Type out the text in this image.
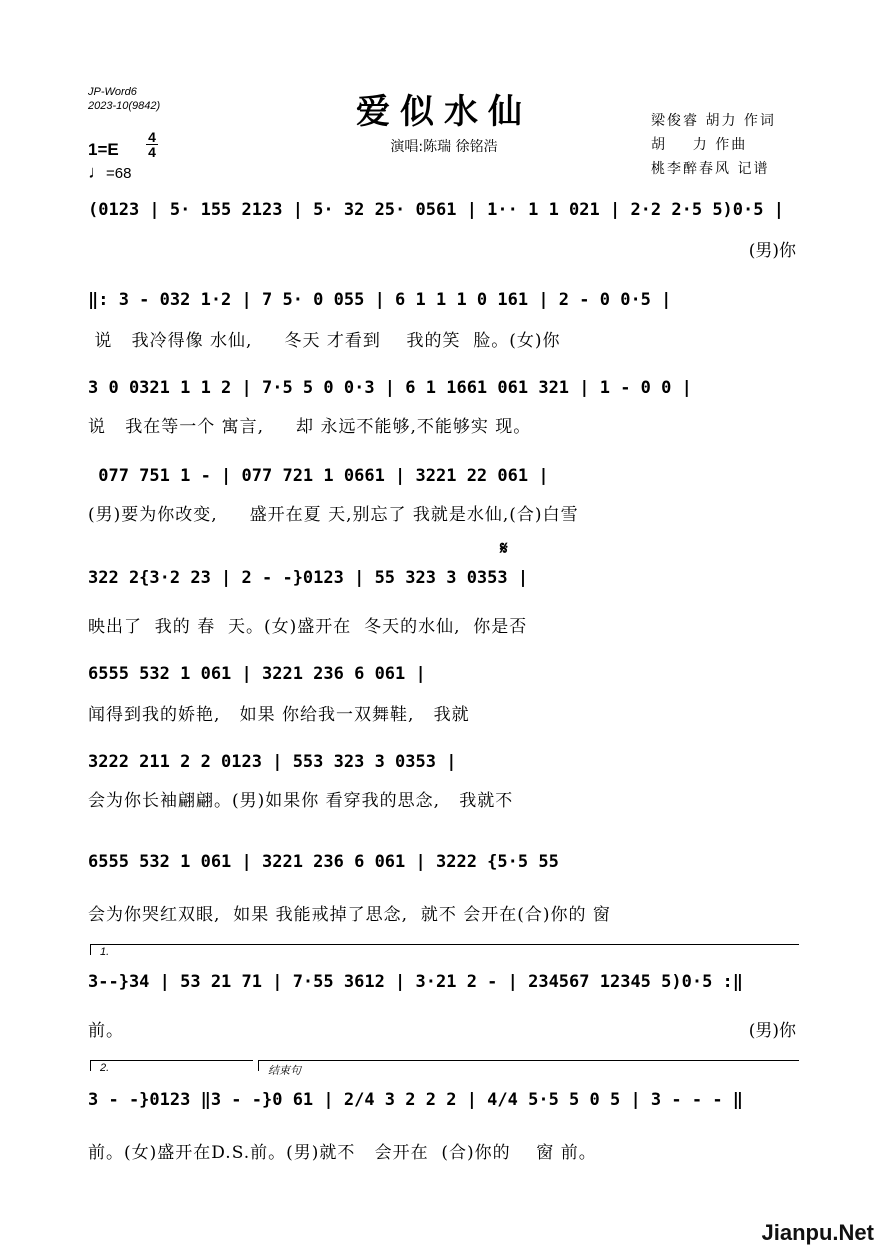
JP-Word6
2023-10(9842)	爱似水仙
演唱:陈瑞 徐铭浩
梁俊睿 胡力 作词
胡    力 作曲
桃李醉春风 记谱
1=E
4
4
♩=68
(0123 | 5· 155 2123 | 5· 32 25· 0561 | 1·· 1 1 021 | 2·2 2·5 5)0·5 |
(男)你
‖: 3 - 032 1·2 | 7 5· 0 055 | 6 1 1 1 0 161 | 2 - 0 0·5 |
说   我冷得像 水仙,     冬天 才看到    我的笑  脸。(女)你
3 0 0321 1 1 2 | 7·5 5 0 0·3 | 6 1 1661 061 321 | 1 - 0 0 |
说   我在等一个 寓言,     却 永远不能够,不能够实 现。
077 751 1 - | 077 721 1 0661 | 3221 22 061 |
(男)要为你改变,     盛开在夏 天,别忘了 我就是水仙,(合)白雪
𝄋
322 2{3·2 23 | 2 - -}0123 | 55 323 3 0353 |
映出了  我的 春  天。(女)盛开在  冬天的水仙,  你是否
6555 532 1 061 | 3221 236 6 061 |
闻得到我的娇艳,   如果 你给我一双舞鞋,   我就
3222 211 2 2 0123 | 553 323 3 0353 |
会为你长袖翩翩。(男)如果你 看穿我的思念,   我就不
6555 532 1 061 | 3221 236 6 061 | 3222 {5·5 55
会为你哭红双眼,  如果 我能戒掉了思念,  就不 会开在(合)你的 窗
1.
3--}34 | 53 21 71 | 7·55 3612 | 3·21 2 - | 234567 12345 5)0·5 :‖
前。	(男)你
2.	结束句
3 - -}0123 ‖3 - -}0 61 | 2/4 3 2 2 2 | 4/4 5·5 5 0 5 | 3 - - - ‖
前。(女)盛开在D.S.前。(男)就不   会开在  (合)你的    窗 前。
Jianpu.Net
